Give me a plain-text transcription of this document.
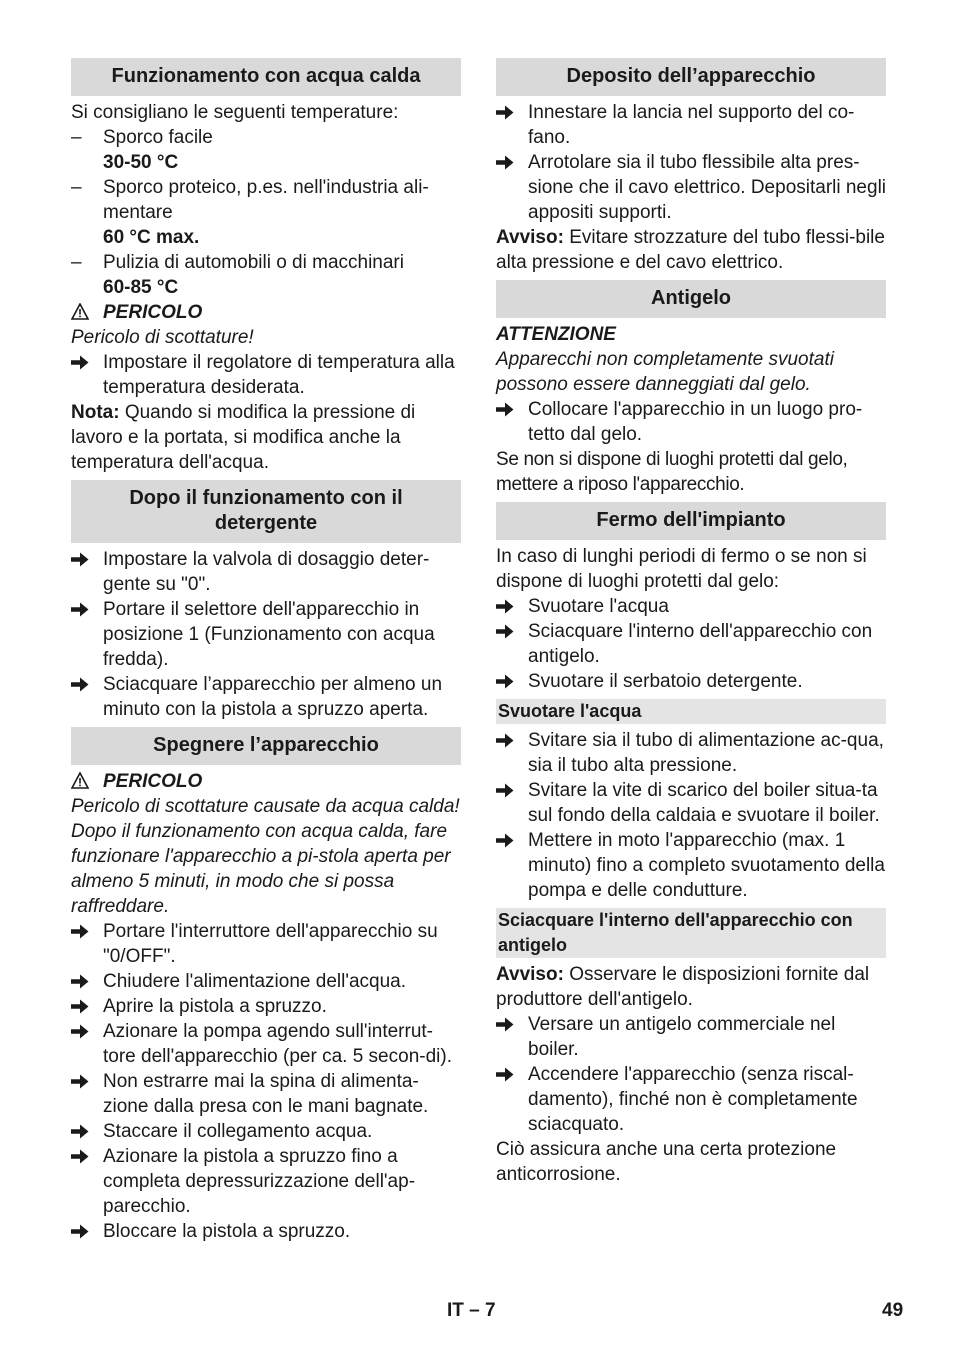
Funzionamento con acqua calda

Si consigliano le seguenti temperature:

–	Sporco facile
30-50 °C
–	Sporco proteico, p.es. nell'industria ali-mentare
60 °C max.
–	Pulizia di automobili o di macchinari
60-85 °C
PERICOLO

Pericolo di scottature!

Impostare il regolatore di temperatura alla temperatura desiderata.

Nota: Quando si modifica la pressione di lavoro e la portata, si modifica anche la temperatura dell'acqua.

Dopo il funzionamento con il detergente
Impostare la valvola di dosaggio deter-gente su "0".
Portare il selettore dell'apparecchio in posizione 1 (Funzionamento con acqua fredda).
Sciacquare l’apparecchio per almeno un minuto con la pistola a spruzzo aperta.
Spegnere l’apparecchio
PERICOLO

Pericolo di scottature causate da acqua calda! Dopo il funzionamento con acqua calda, fare funzionare l'apparecchio a pi-stola aperta per almeno 5 minuti, in modo che si possa raffreddare.

Portare l'interruttore dell'apparecchio su "0/OFF".
Chiudere l'alimentazione dell'acqua.
Aprire la pistola a spruzzo.
Azionare la pompa agendo sull'interrut-tore dell'apparecchio (per ca. 5 secon-di).
Non estrarre mai la spina di alimenta-zione dalla presa con le mani bagnate.
Staccare il collegamento acqua.
Azionare la pistola a spruzzo fino a completa depressurizzazione dell'ap-parecchio.
Bloccare la pistola a spruzzo.
Deposito dell’apparecchio
Innestare la lancia nel supporto del co-fano.
Arrotolare sia il tubo flessibile alta pres-sione che il cavo elettrico. Depositarli negli appositi supporti.

Avviso: Evitare strozzature del tubo flessi-bile alta pressione e del cavo elettrico.

Antigelo
ATTENZIONE

Apparecchi non completamente svuotati possono essere danneggiati dal gelo.

Collocare l'apparecchio in un luogo pro-tetto dal gelo.

Se non si dispone di luoghi protetti dal gelo, mettere a riposo l'apparecchio.

Fermo dell'impianto

In caso di lunghi periodi di fermo o se non si dispone di luoghi protetti dal gelo:

Svuotare l'acqua
Sciacquare l'interno dell'apparecchio con antigelo.
Svuotare il serbatoio detergente.
Svuotare l'acqua
Svitare sia il tubo di alimentazione ac-qua, sia il tubo alta pressione.
Svitare la vite di scarico del boiler situa-ta sul fondo della caldaia e svuotare il boiler.
Mettere in moto l'apparecchio (max. 1 minuto) fino a completo svuotamento della pompa e delle condutture.
Sciacquare l'interno dell'apparecchio con antigelo

Avviso: Osservare le disposizioni fornite dal produttore dell'antigelo.

Versare un antigelo commerciale nel boiler.
Accendere l'apparecchio (senza riscal-damento), finché non è completamente sciacquato.

Ciò assicura anche una certa protezione anticorrosione.

IT – 7	49
